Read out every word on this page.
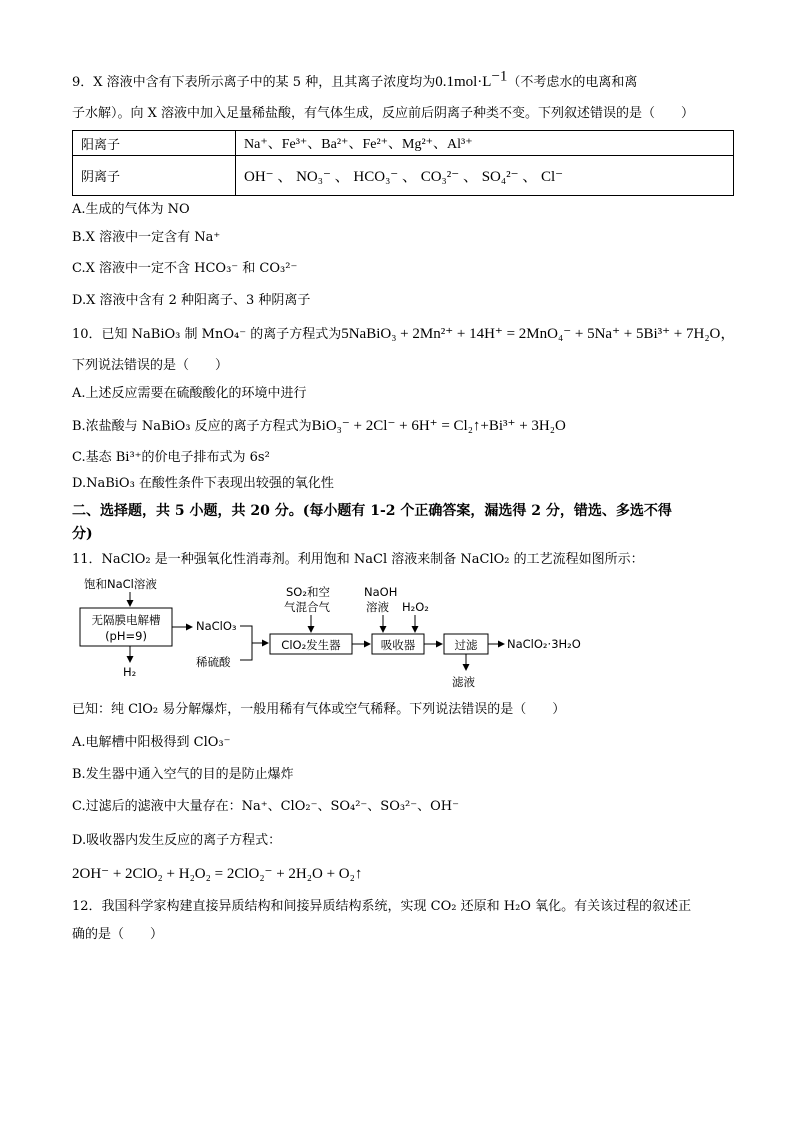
9．X 溶液中含有下表所示离子中的某 5 种，且其离子浓度均为$0.1mol\cdot L^{-1}$（不考虑水的电离和离
子水解）。向 X 溶液中加入足量稀盐酸，有气体生成，反应前后阴离子种类不变。下列叙述错误的是（　　）
阳离子	Na⁺、Fe³⁺、Ba²⁺、Fe²⁺、Mg²⁺、Al³⁺
阴离子	OH⁻ 、 NO₃⁻ 、 HCO₃⁻ 、 CO₃²⁻ 、 SO₄²⁻ 、 Cl⁻
A.生成的气体为 NO
B.X 溶液中一定含有 Na⁺
C.X 溶液中一定不含 HCO₃⁻ 和 CO₃²⁻
D.X 溶液中含有 2 种阳离子、3 种阴离子
10．已知 NaBiO₃ 制 MnO₄⁻ 的离子方程式为5NaBiO₃ + 2Mn²⁺ + 14H⁺ = 2MnO₄⁻ + 5Na⁺ + 5Bi³⁺ + 7H₂O，
下列说法错误的是（　　）
A.上述反应需要在硫酸酸化的环境中进行
B.浓盐酸与 NaBiO₃ 反应的离子方程式为BiO₃⁻ + 2Cl⁻ + 6H⁺ = Cl₂↑+Bi³⁺ + 3H₂O
C.基态 Bi³⁺的价电子排布式为 6s²
D.NaBiO₃ 在酸性条件下表现出较强的氧化性
二、选择题，共 5 小题，共 20 分。(每小题有 1-2 个正确答案，漏选得 2 分，错选、多选不得
分)
11．NaClO₂ 是一种强氧化性消毒剂。利用饱和 NaCl 溶液来制备 NaClO₂ 的工艺流程如图所示：
饱和NaCl溶液
无隔膜电解槽
(pH=9)
H₂
NaClO₃
稀硫酸
SO₂和空
气混合气
ClO₂发生器
NaOH
溶液 H₂O₂
吸收器	过滤	NaClO₂·3H₂O
滤液
已知：纯 ClO₂ 易分解爆炸，一般用稀有气体或空气稀释。下列说法错误的是（　　）
A.电解槽中阳极得到 ClO₃⁻
B.发生器中通入空气的目的是防止爆炸
C.过滤后的滤液中大量存在：Na⁺、ClO₂⁻、SO₄²⁻、SO₃²⁻、OH⁻
D.吸收器内发生反应的离子方程式：
2OH⁻ + 2ClO₂ + H₂O₂ = 2ClO₂⁻ + 2H₂O + O₂↑
12．我国科学家构建直接异质结构和间接异质结构系统，实现 CO₂ 还原和 H₂O 氧化。有关该过程的叙述正
确的是（　　）
